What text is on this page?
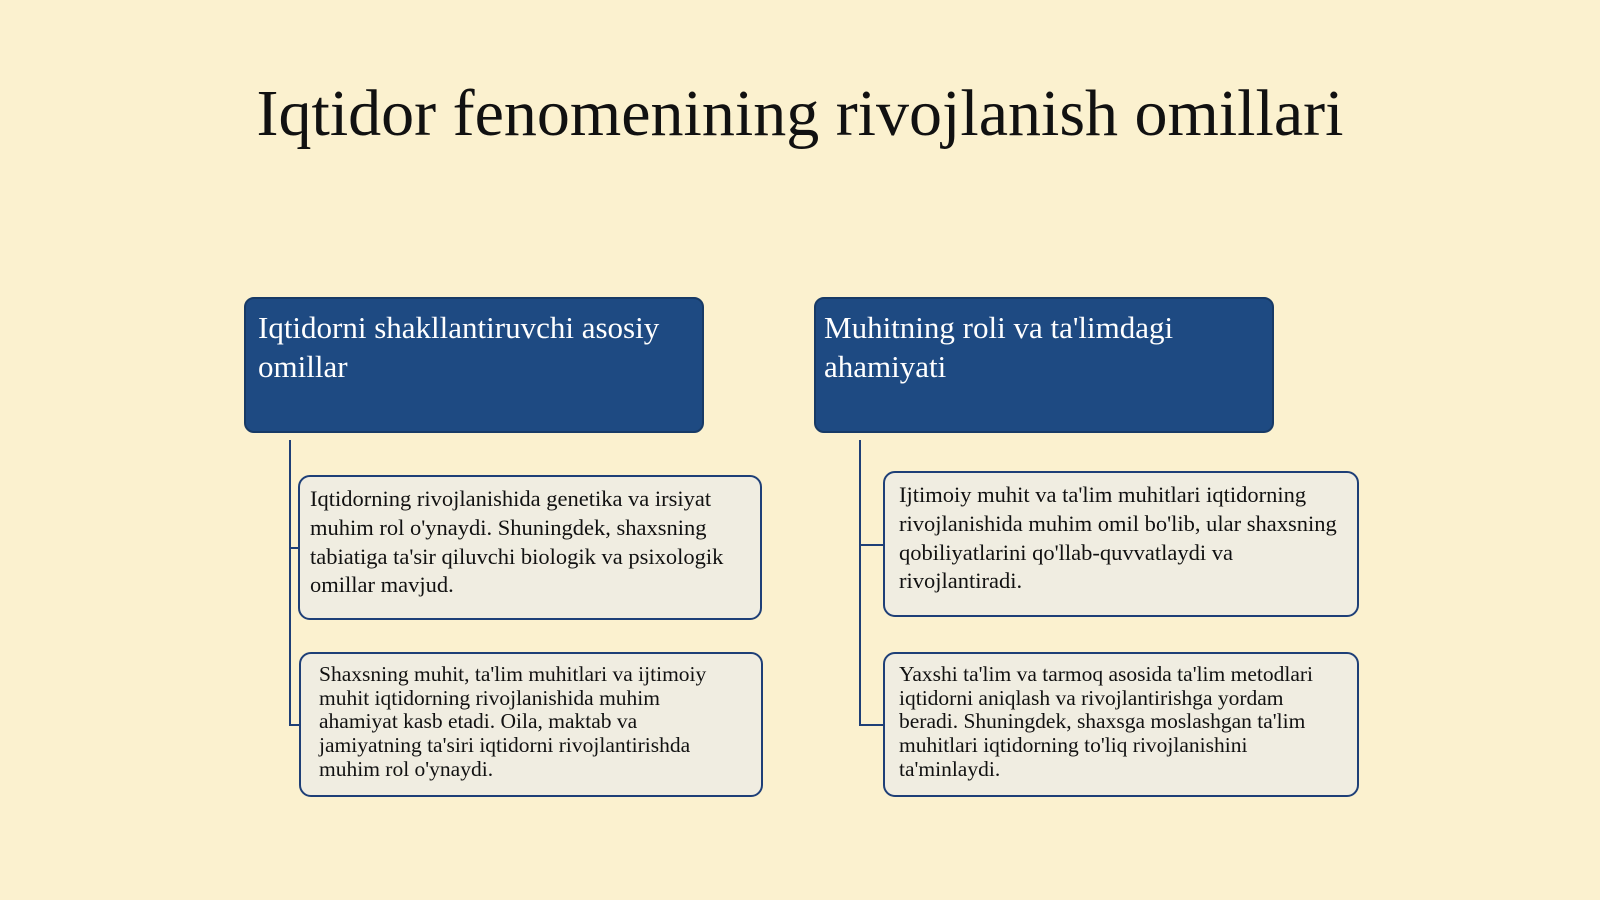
Iqtidor fenomenining rivojlanish omillari
Iqtidorni shakllantiruvchi asosiy omillar
Iqtidorning rivojlanishida genetika va irsiyat muhim rol o'ynaydi. Shuningdek, shaxsning tabiatiga ta'sir qiluvchi biologik va psixologik omillar mavjud.
Shaxsning muhit, ta'lim muhitlari va ijtimoiy muhit iqtidorning rivojlanishida muhim ahamiyat kasb etadi. Oila, maktab va jamiyatning ta'siri iqtidorni rivojlantirishda muhim rol o'ynaydi.
Muhitning roli va ta'limdagi ahamiyati
Ijtimoiy muhit va ta'lim muhitlari iqtidorning rivojlanishida muhim omil bo'lib, ular shaxsning qobiliyatlarini qo'llab-quvvatlaydi va rivojlantiradi.
Yaxshi ta'lim va tarmoq asosida ta'lim metodlari iqtidorni aniqlash va rivojlantirishga yordam beradi. Shuningdek, shaxsga moslashgan ta'lim muhitlari iqtidorning to'liq rivojlanishini ta'minlaydi.
